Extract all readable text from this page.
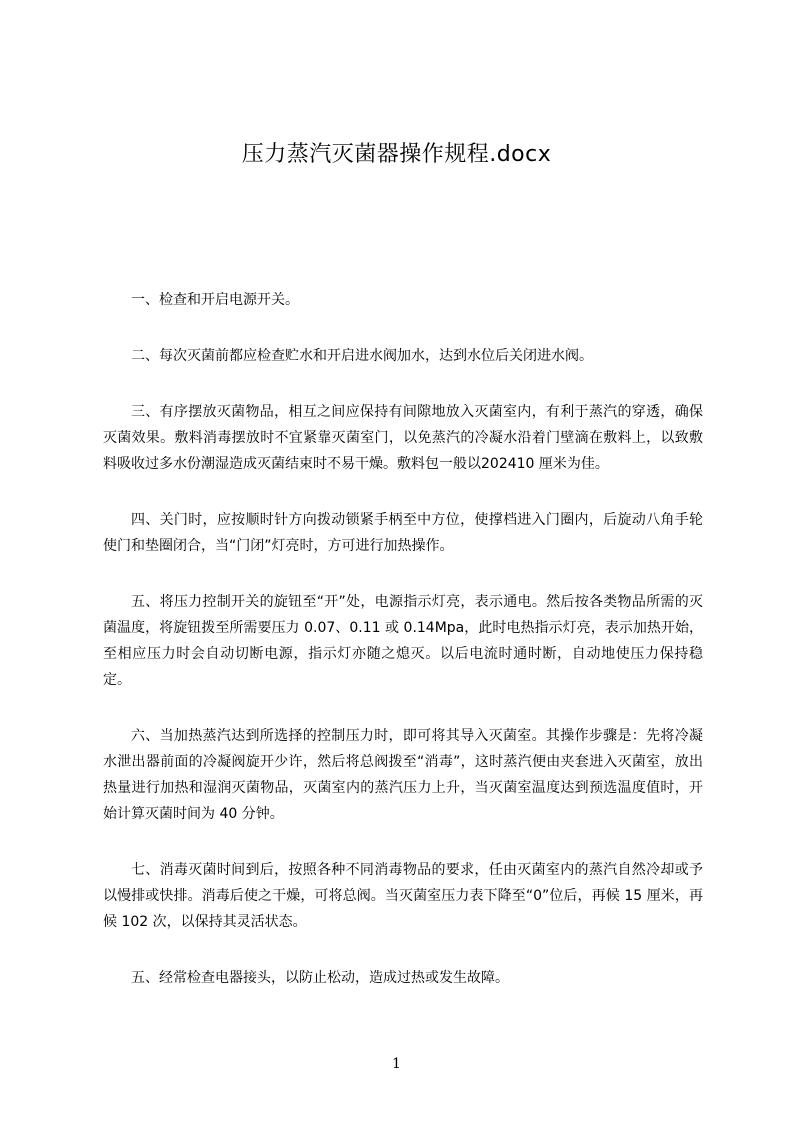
压力蒸汽灭菌器操作规程.docx

一、检查和开启电源开关。

二、每次灭菌前都应检查贮水和开启进水阀加水，达到水位后关闭进水阀。

三、有序摆放灭菌物品，相互之间应保持有间隙地放入灭菌室内，有利于蒸汽的穿透，确保灭菌效果。敷料消毒摆放时不宜紧靠灭菌室门，以免蒸汽的冷凝水沿着门壁滴在敷料上，以致敷料吸收过多水份潮湿造成灭菌结束时不易干燥。敷料包一般以202410 厘米为佳。

四、关门时，应按顺时针方向拨动锁紧手柄至中方位，使撑档进入门圈内，后旋动八角手轮使门和垫圈闭合，当“门闭”灯亮时，方可进行加热操作。

五、将压力控制开关的旋钮至“开”处，电源指示灯亮，表示通电。然后按各类物品所需的灭菌温度，将旋钮拨至所需要压力 0.07、0.11 或 0.14Mpa，此时电热指示灯亮，表示加热开始，至相应压力时会自动切断电源，指示灯亦随之熄灭。以后电流时通时断，自动地使压力保持稳定。

六、当加热蒸汽达到所选择的控制压力时，即可将其导入灭菌室。其操作步骤是：先将冷凝水泄出器前面的冷凝阀旋开少许，然后将总阀拨至“消毒”，这时蒸汽便由夹套进入灭菌室，放出热量进行加热和湿润灭菌物品，灭菌室内的蒸汽压力上升，当灭菌室温度达到预选温度值时，开始计算灭菌时间为 40 分钟。

七、消毒灭菌时间到后，按照各种不同消毒物品的要求，任由灭菌室内的蒸汽自然冷却或予以慢排或快排。消毒后使之干燥，可将总阀。当灭菌室压力表下降至“0”位后，再候 15 厘米，再候 102 次，以保持其灵活状态。

五、经常检查电器接头，以防止松动，造成过热或发生故障。

1
